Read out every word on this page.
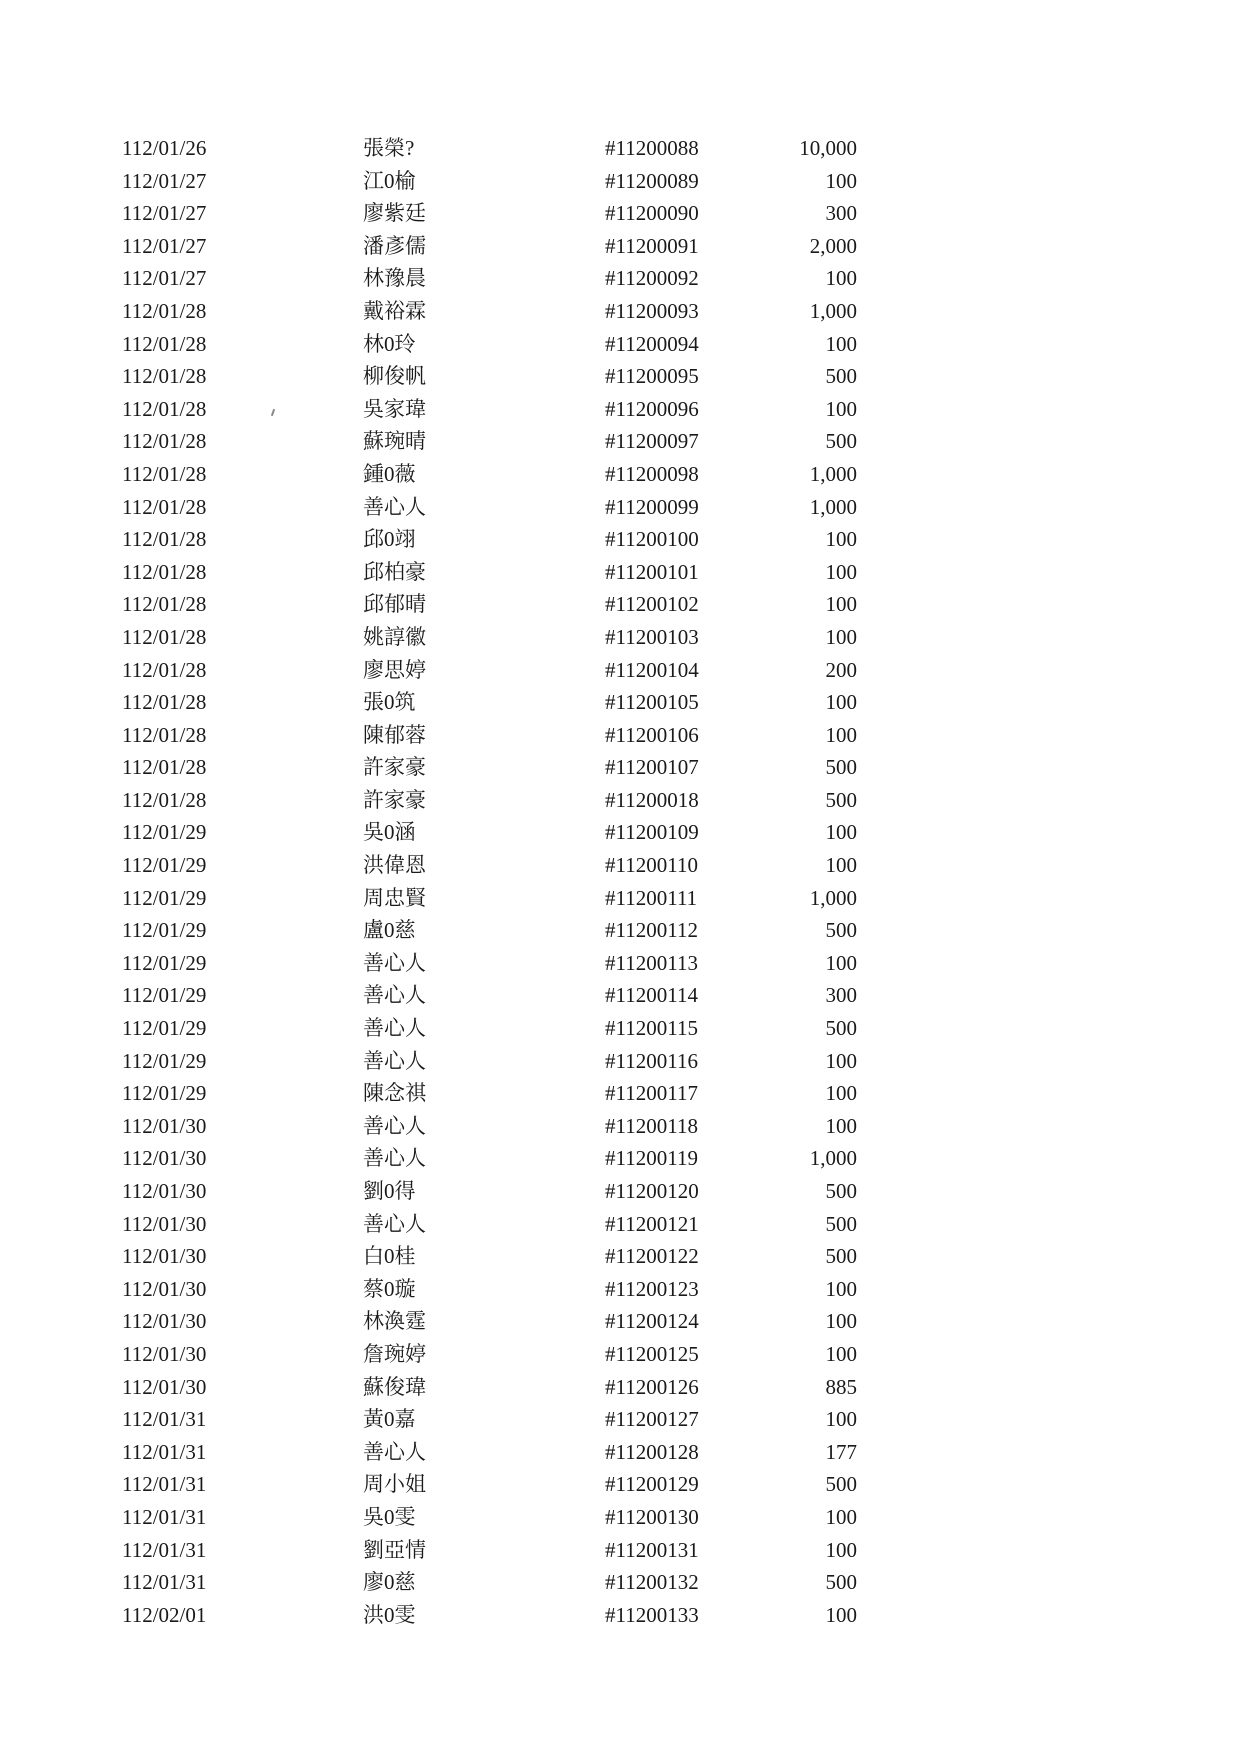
112/01/26	張榮?	#11200088	10,000
112/01/27	江0榆	#11200089	100
112/01/27	廖紫廷	#11200090	300
112/01/27	潘彥儒	#11200091	2,000
112/01/27	林豫晨	#11200092	100
112/01/28	戴裕霖	#11200093	1,000
112/01/28	林0玲	#11200094	100
112/01/28	柳俊帆	#11200095	500
112/01/28	吳家瑋	#11200096	100
112/01/28	蘇琬晴	#11200097	500
112/01/28	鍾0薇	#11200098	1,000
112/01/28	善心人	#11200099	1,000
112/01/28	邱0翊	#11200100	100
112/01/28	邱柏豪	#11200101	100
112/01/28	邱郁晴	#11200102	100
112/01/28	姚諄徽	#11200103	100
112/01/28	廖思婷	#11200104	200
112/01/28	張0筑	#11200105	100
112/01/28	陳郁蓉	#11200106	100
112/01/28	許家豪	#11200107	500
112/01/28	許家豪	#11200018	500
112/01/29	吳0涵	#11200109	100
112/01/29	洪偉恩	#11200110	100
112/01/29	周忠賢	#11200111	1,000
112/01/29	盧0慈	#11200112	500
112/01/29	善心人	#11200113	100
112/01/29	善心人	#11200114	300
112/01/29	善心人	#11200115	500
112/01/29	善心人	#11200116	100
112/01/29	陳念祺	#11200117	100
112/01/30	善心人	#11200118	100
112/01/30	善心人	#11200119	1,000
112/01/30	劉0得	#11200120	500
112/01/30	善心人	#11200121	500
112/01/30	白0桂	#11200122	500
112/01/30	蔡0璇	#11200123	100
112/01/30	林渙霆	#11200124	100
112/01/30	詹琬婷	#11200125	100
112/01/30	蘇俊瑋	#11200126	885
112/01/31	黃0嘉	#11200127	100
112/01/31	善心人	#11200128	177
112/01/31	周小姐	#11200129	500
112/01/31	吳0雯	#11200130	100
112/01/31	劉亞情	#11200131	100
112/01/31	廖0慈	#11200132	500
112/02/01	洪0雯	#11200133	100
